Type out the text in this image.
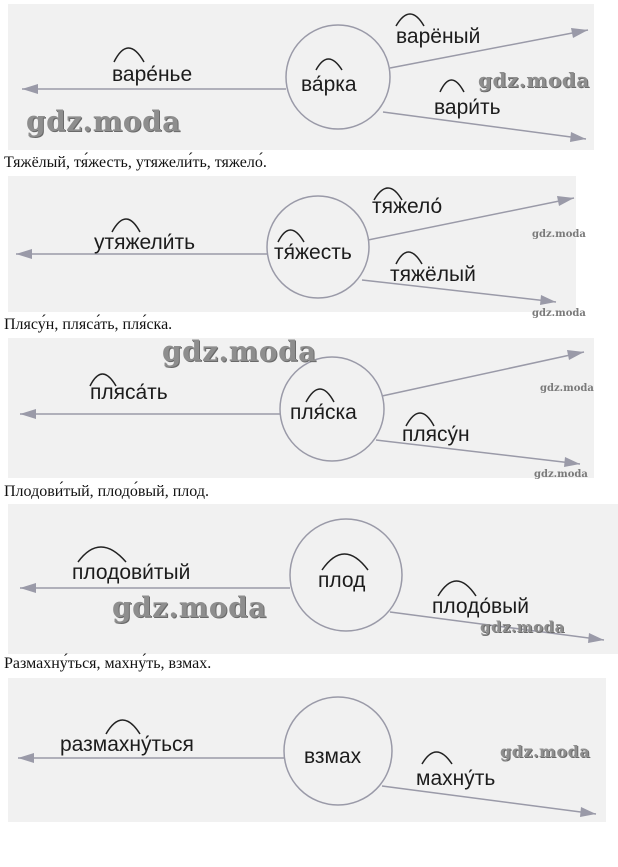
варе́нье	ва́рка
варёный
вари́ть
gdz.moda
gdz.moda
Тяжёлый, тя́жесть, утяжели́ть, тяжело́.
утяжели́ть	тя́жесть
тяжело́
тяжёлый
gdz.moda
gdz.moda
Плясу́н, пляса́ть, пля́ска.
пляса́ть
пля́ска
плясу́н
gdz.moda
gdz.moda
gdz.moda
Плодови́тый, плодо́вый, плод.
плодови́тый	плод
плодо́вый
gdz.moda
gdz.moda
Размахну́ться, махну́ть, взмах.
размахну́ться
взмах
махну́ть
gdz.moda
